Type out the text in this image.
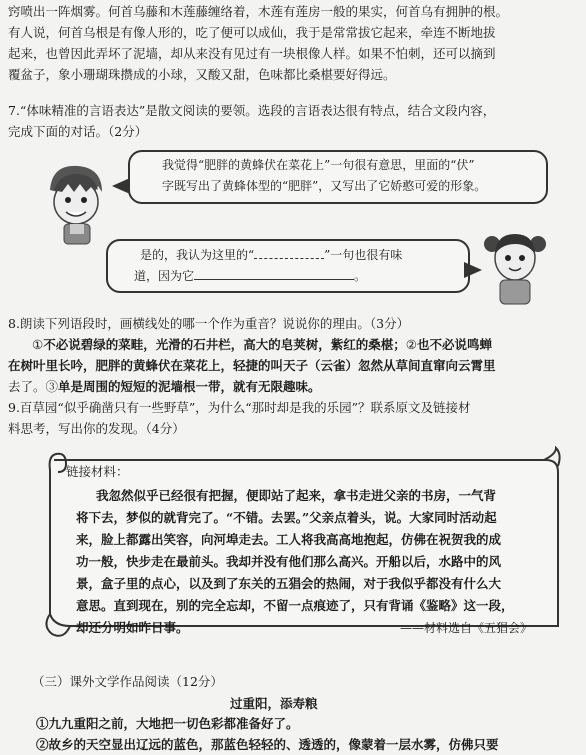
窍喷出一阵烟雾。何首乌藤和木莲藤缠络着，木莲有莲房一般的果实，何首乌有拥肿的根。
有人说，何首乌根是有像人形的，吃了便可以成仙，我于是常常拔它起来，牵连不断地拔
起来，也曾因此弄坏了泥墙，却从来没有见过有一块根像人样。如果不怕刺，还可以摘到
覆盆子，象小珊瑚珠攒成的小球，又酸又甜，色味都比桑椹要好得远。
7.“体味精准的言语表达”是散文阅读的要领。选段的言语表达很有特点，结合文段内容，
完成下面的对话。（2分）
我觉得“肥胖的黄蜂伏在菜花上”一句很有意思，里面的“伏”
字既写出了黄蜂体型的“肥胖”，又写出了它娇憨可爱的形象。
是的，我认为这里的“	”一句也很有味
道，因为它	。
8.朗读下列语段时，画横线处的哪一个作为重音？说说你的理由。（3分）
①不必说碧绿的菜畦，光滑的石井栏，高大的皂荚树，紫红的桑椹；②也不必说鸣蝉
在树叶里长吟，肥胖的黄蜂伏在菜花上，轻捷的叫天子（云雀）忽然从草间直窜向云霄里
去了。③单是周围的短短的泥墙根一带，就有无限趣味。
9.百草园“似乎确凿只有一些野草”，为什么“那时却是我的乐园”？联系原文及链接材
料思考，写出你的发现。（4分）
链接材料：
我忽然似乎已经很有把握，便即站了起来，拿书走进父亲的书房，一气背
将下去，梦似的就背完了。“不错。去罢。”父亲点着头，说。大家同时活动起
来，脸上都露出笑容，向河埠走去。工人将我高高地抱起，仿佛在祝贺我的成
功一般，快步走在最前头。我却并没有他们那么高兴。开船以后，水路中的风
景，盒子里的点心，以及到了东关的五猖会的热闹，对于我似乎都没有什么大
意思。直到现在，别的完全忘却，不留一点痕迹了，只有背诵《鉴略》这一段，
却还分明如昨日事。	——材料选自《五猖会》
（三）课外文学作品阅读（12分）
过重阳，添寿粮
①九九重阳之前，大地把一切色彩都准备好了。
②故乡的天空显出辽远的蓝色，那蓝色轻轻的、透透的，像蒙着一层水雾，仿佛只要
